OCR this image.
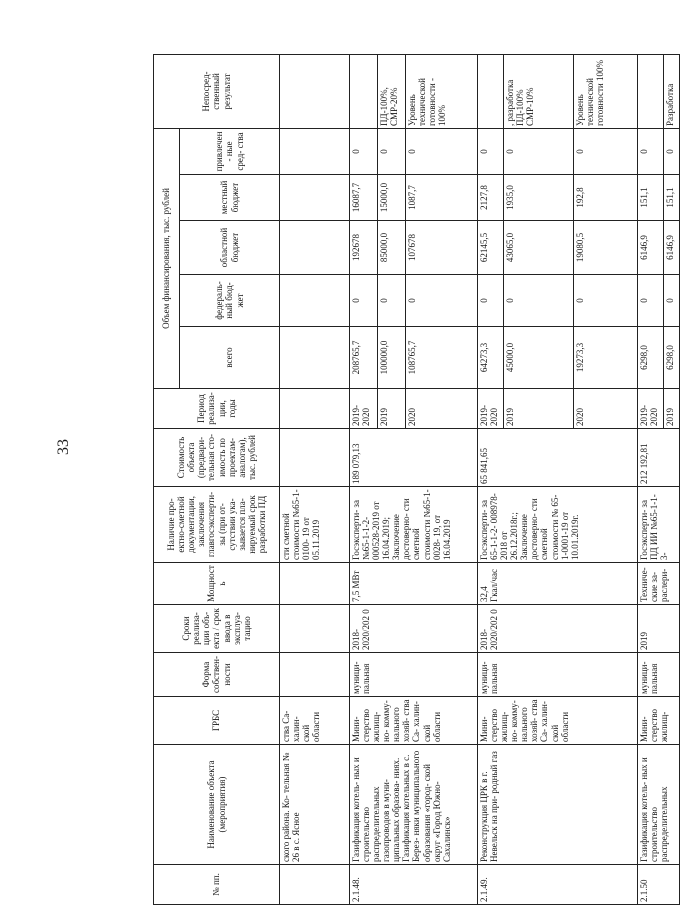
33
№ пп.	Наименование объекта (мероприятия)	ГРБС	Форма собствен- ности	Сроки реализа- ции объ- екта / срок ввода в эксплуа- тацию	Мощность	Наличие про- ектно-сметной документации, заключения главгосэксперти- зы (при от- сутствии ука- зывается пла- нируемый срок разработки ПД	Стоимость объекта (предвари- тельная сто- имость по проектам- аналогам), тыс. рублей	Период реализа- ции, годы	Объем финансирования, тыс. рублей					Непосред- ственный результат
									всего	федераль- ный бюд- жет	областной бюджет	местный бюджет	привлечен- ные сред- ства	
	ского района. Ко- тельная № 26 в с. Ясное	ства Са- халин- ской области				сти сметной стоимости №65-1-0100- 19 от 05.11.2019								
2.1.48.	Газификация котель- ных и строительство распределительных газопроводов в муни- ципальных образова- ниях. Газификация котельных в с. Берез- няки муниципального образования «город- ской округ «Город Южно-Сахалинск»	Мини- стерство жилищ- но- комму- нального хозяй- ства Са- халин- ской области	муници- пальная	2018- 2020/202 0	7,5 МВт	Госэксперти- за №65-1-1-2- 000528-2019 от 16.04.2019; Заключение достоверно- сти сметной стоимости №65-1-0028- 19, от 16.04.2019	189 079,13	2019- 2020	208765,7	0	192678	16087,7	0	
								2019	100000,0	0	85000,0	15000,0	0	ПД-100%, СМР-20%
								2020	108765,7	0	107678	1087,7	0	Уровень технической готовности - 100%
2.1.49.	Реконструкция ЦРК в г. Невельск на при- родный газ	Мини- стерство жилищ- но- комму- нального хозяй- ства Са- халин- ской области	муници- пальная	2018- 2020/202 0	32,4 Гкал/час	Госэксперти- за 65-1-1-2- 008978-2018 от 26.12.2018г.; Заключение достоверно- сти сметной стоимости № 65-1-0001-19 от 10.01.2019г.	65 841,65	2019- 2020	64273,3	0	62145,5	2127,8	0	
								2019	45000,0	0	43065,0	1935,0	0	, разработка ПД-100% СМР-10%
								2020	19273,3	0	19080,5	192,8	0	Уровень технической готовности 100%
2.1.50	Газификация котель- ных и строительство распределительных	Мини- стерство жилищ-	муници- пальная	2019	Техниче- ские за- раслери-	Госэксперти- за ПД ИИ №65-1-1-3-	212 192,81	2019- 2020	6298,0	0	6146,9	151,1	0	
								2019	6298,0	0	6146,9	151,1	0	Разработка
